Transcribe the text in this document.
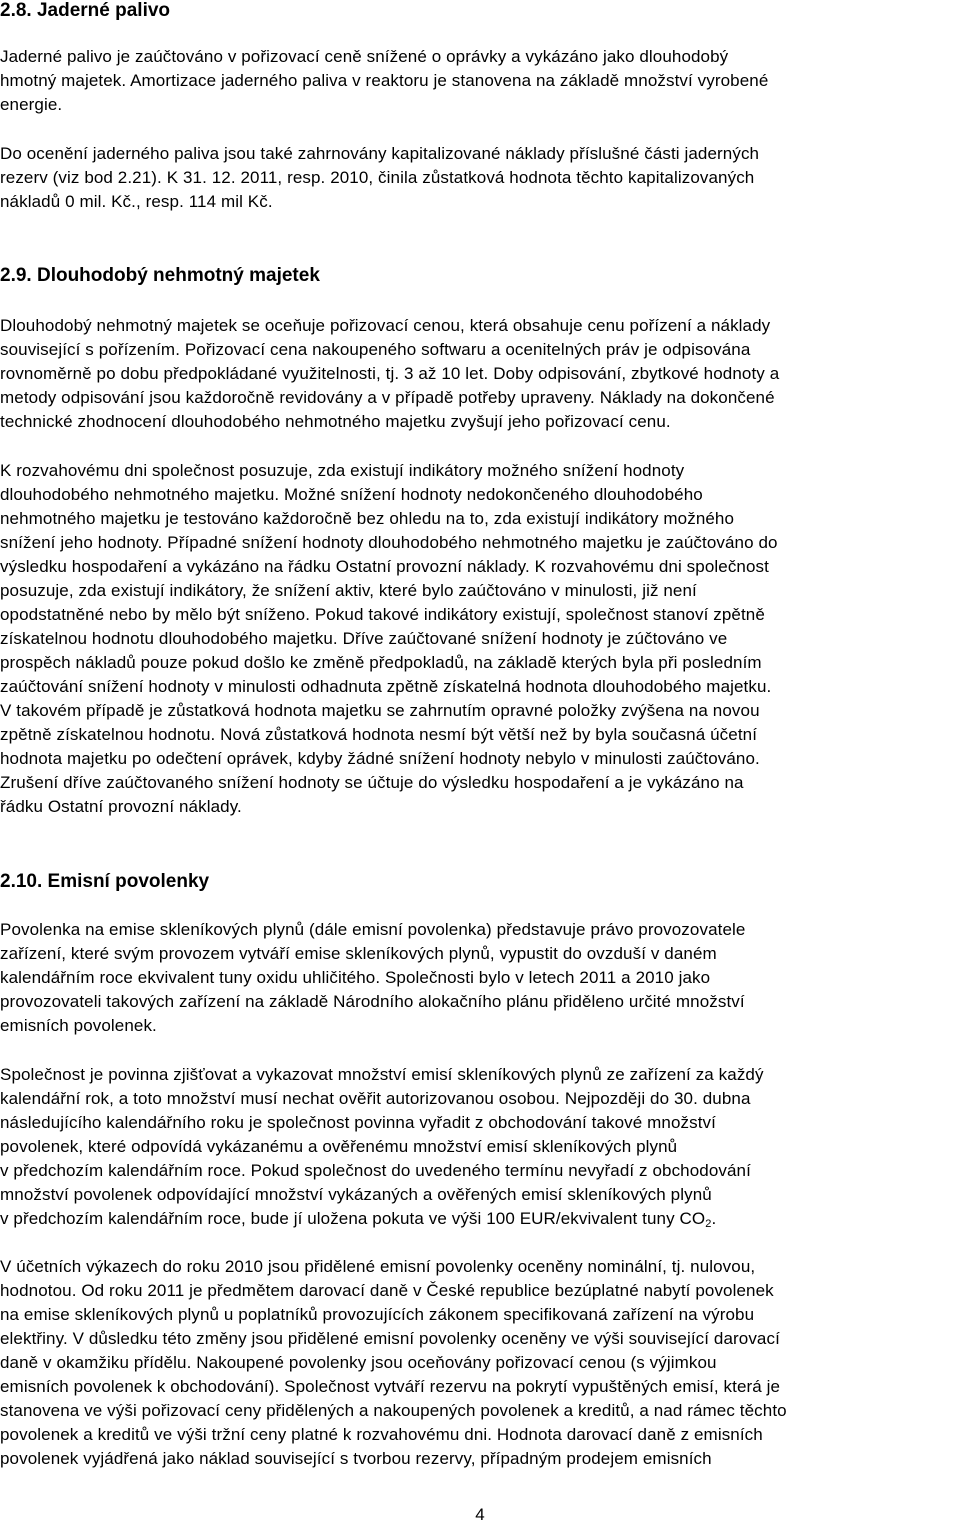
2.8. Jaderné palivo

Jaderné palivo je zaúčtováno v pořizovací ceně snížené o oprávky a vykázáno jako dlouhodobý
hmotný majetek. Amortizace jaderného paliva v reaktoru je stanovena na základě množství vyrobené
energie.

Do ocenění jaderného paliva jsou také zahrnovány kapitalizované náklady příslušné části jaderných
rezerv (viz bod 2.21). K 31. 12. 2011, resp. 2010, činila zůstatková hodnota těchto kapitalizovaných
nákladů 0 mil. Kč., resp. 114 mil Kč.

2.9. Dlouhodobý nehmotný majetek

Dlouhodobý nehmotný majetek se oceňuje pořizovací cenou, která obsahuje cenu pořízení a náklady
související s pořízením. Pořizovací cena nakoupeného softwaru a ocenitelných práv je odpisována
rovnoměrně po dobu předpokládané využitelnosti, tj. 3 až 10 let. Doby odpisování, zbytkové hodnoty a
metody odpisování jsou každoročně revidovány a v případě potřeby upraveny. Náklady na dokončené
technické zhodnocení dlouhodobého nehmotného majetku zvyšují jeho pořizovací cenu.

K rozvahovému dni společnost posuzuje, zda existují indikátory možného snížení hodnoty
dlouhodobého nehmotného majetku. Možné snížení hodnoty nedokončeného dlouhodobého
nehmotného majetku je testováno každoročně bez ohledu na to, zda existují indikátory možného
snížení jeho hodnoty. Případné snížení hodnoty dlouhodobého nehmotného majetku je zaúčtováno do
výsledku hospodaření a vykázáno na řádku Ostatní provozní náklady. K rozvahovému dni společnost
posuzuje, zda existují indikátory, že snížení aktiv, které bylo zaúčtováno v minulosti, již není
opodstatněné nebo by mělo být sníženo. Pokud takové indikátory existují, společnost stanoví zpětně
získatelnou hodnotu dlouhodobého majetku. Dříve zaúčtované snížení hodnoty je zúčtováno ve
prospěch nákladů pouze pokud došlo ke změně předpokladů, na základě kterých byla při posledním
zaúčtování snížení hodnoty v minulosti odhadnuta zpětně získatelná hodnota dlouhodobého majetku.
V takovém případě je zůstatková hodnota majetku se zahrnutím opravné položky zvýšena na novou
zpětně získatelnou hodnotu. Nová zůstatková hodnota nesmí být větší než by byla současná účetní
hodnota majetku po odečtení oprávek, kdyby žádné snížení hodnoty nebylo v minulosti zaúčtováno.
Zrušení dříve zaúčtovaného snížení hodnoty se účtuje do výsledku hospodaření a je vykázáno na
řádku Ostatní provozní náklady.

2.10. Emisní povolenky

Povolenka na emise skleníkových plynů (dále emisní povolenka) představuje právo provozovatele
zařízení, které svým provozem vytváří emise skleníkových plynů, vypustit do ovzduší v daném
kalendářním roce ekvivalent tuny oxidu uhličitého. Společnosti bylo v letech 2011 a 2010 jako
provozovateli takových zařízení na základě Národního alokačního plánu přiděleno určité množství
emisních povolenek.

Společnost je povinna zjišťovat a vykazovat množství emisí skleníkových plynů ze zařízení za každý
kalendářní rok, a toto množství musí nechat ověřit autorizovanou osobou. Nejpozději do 30. dubna
následujícího kalendářního roku je společnost povinna vyřadit z obchodování takové množství
povolenek, které odpovídá vykázanému a ověřenému množství emisí skleníkových plynů
v předchozím kalendářním roce. Pokud společnost do uvedeného termínu nevyřadí z obchodování
množství povolenek odpovídající množství vykázaných a ověřených emisí skleníkových plynů
v předchozím kalendářním roce, bude jí uložena pokuta ve výši 100 EUR/ekvivalent tuny $CO_2$.

V účetních výkazech do roku 2010 jsou přidělené emisní povolenky oceněny nominální, tj. nulovou,
hodnotou. Od roku 2011 je předmětem darovací daně v České republice bezúplatné nabytí povolenek
na emise skleníkových plynů u poplatníků provozujících zákonem specifikovaná zařízení na výrobu
elektřiny. V důsledku této změny jsou přidělené emisní povolenky oceněny ve výši související darovací
daně v okamžiku přídělu. Nakoupené povolenky jsou oceňovány pořizovací cenou (s výjimkou
emisních povolenek k obchodování). Společnost vytváří rezervu na pokrytí vypuštěných emisí, která je
stanovena ve výši pořizovací ceny přidělených a nakoupených povolenek a kreditů, a nad rámec těchto
povolenek a kreditů ve výši tržní ceny platné k rozvahovému dni. Hodnota darovací daně z emisních
povolenek vyjádřená jako náklad související s tvorbou rezervy, případným prodejem emisních

4
